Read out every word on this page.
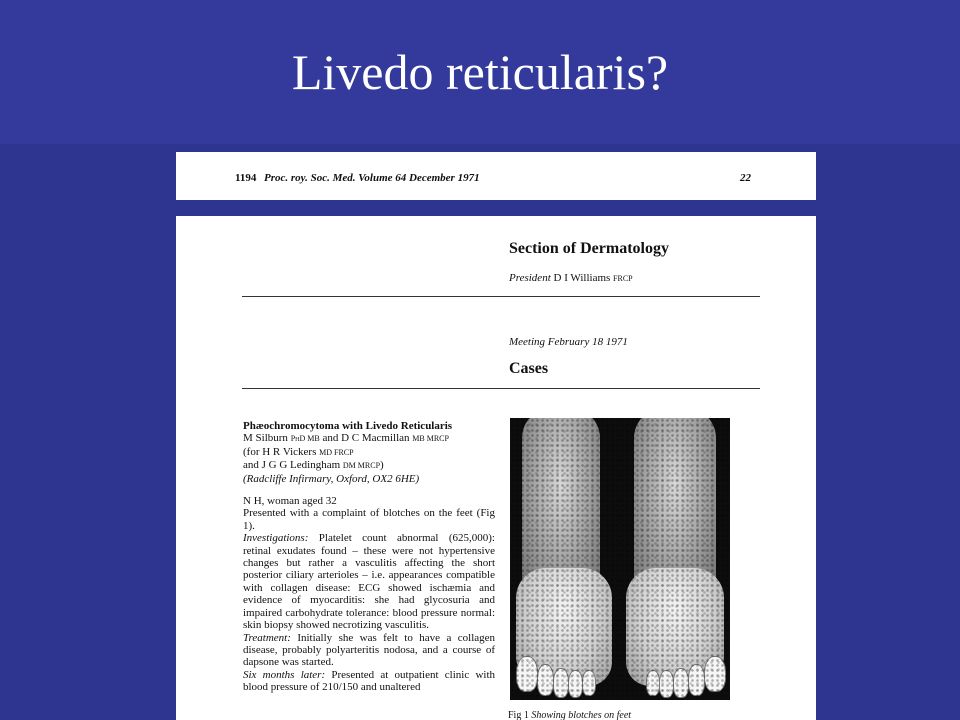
Livedo reticularis?
1194 Proc. roy. Soc. Med. Volume 64 December 1971	22
Section of Dermatology
President D I Williams FRCP
Meeting February 18 1971
Cases

Phæochromocytoma with Livedo Reticularis

M Silburn PhD MB and D C Macmillan MB MRCP

(for H R Vickers MD FRCP

and J G G Ledingham DM MRCP)

(Radcliffe Infirmary, Oxford, OX2 6HE)

N H, woman aged 32

Presented with a complaint of blotches on the feet (Fig 1).

Investigations: Platelet count abnormal (625,000): retinal exudates found – these were not hypertensive changes but rather a vasculitis affecting the short posterior ciliary arterioles – i.e. appearances compatible with collagen disease: ECG showed ischæmia and evidence of myocarditis: she had glycosuria and impaired carbohydrate tolerance: blood pressure normal: skin biopsy showed necrotizing vasculitis.

Treatment: Initially she was felt to have a collagen disease, probably polyarteritis nodosa, and a course of dapsone was started.

Six months later: Presented at outpatient clinic with blood pressure of 210/150 and unaltered

Fig 1 Showing blotches on feet
